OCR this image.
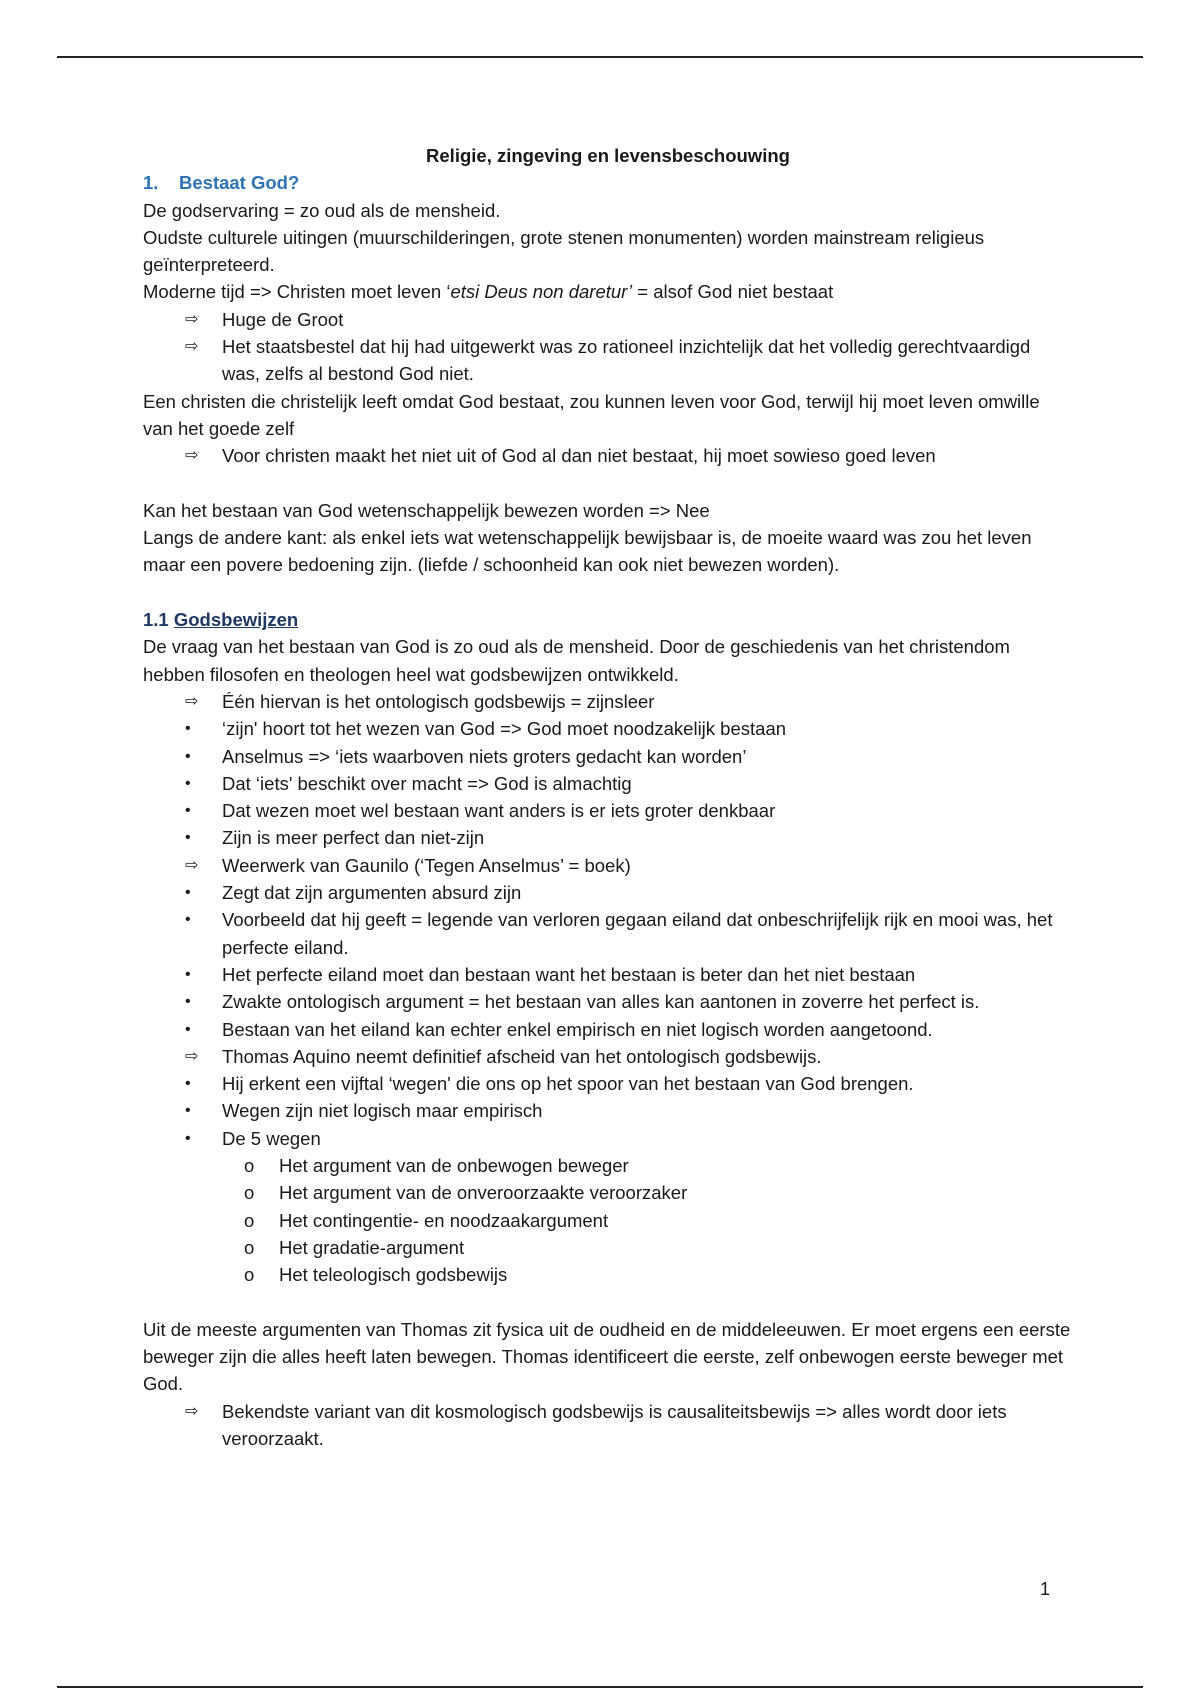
Religie, zingeving en levensbeschouwing
1. Bestaat God?
De godservaring = zo oud als de mensheid.
Oudste culturele uitingen (muurschilderingen, grote stenen monumenten) worden mainstream religieus geïnterpreteerd.
Moderne tijd => Christen moet leven ‘etsi Deus non daretur’ = alsof God niet bestaat
⇨ Huge de Groot
⇨ Het staatsbestel dat hij had uitgewerkt was zo rationeel inzichtelijk dat het volledig gerechtvaardigd was, zelfs al bestond God niet.
Een christen die christelijk leeft omdat God bestaat, zou kunnen leven voor God, terwijl hij moet leven omwille van het goede zelf
⇨ Voor christen maakt het niet uit of God al dan niet bestaat, hij moet sowieso goed leven
Kan het bestaan van God wetenschappelijk bewezen worden => Nee
Langs de andere kant: als enkel iets wat wetenschappelijk bewijsbaar is, de moeite waard was zou het leven maar een povere bedoening zijn. (liefde / schoonheid kan ook niet bewezen worden).
1.1 Godsbewijzen
De vraag van het bestaan van God is zo oud als de mensheid. Door de geschiedenis van het christendom hebben filosofen en theologen heel wat godsbewijzen ontwikkeld.
⇨ Één hiervan is het ontologisch godsbewijs = zijnsleer
• ‘zijn' hoort tot het wezen van God => God moet noodzakelijk bestaan
• Anselmus => ‘iets waarboven niets groters gedacht kan worden’
• Dat ‘iets' beschikt over macht => God is almachtig
• Dat wezen moet wel bestaan want anders is er iets groter denkbaar
• Zijn is meer perfect dan niet-zijn
⇨ Weerwerk van Gaunilo (‘Tegen Anselmus’ = boek)
• Zegt dat zijn argumenten absurd zijn
• Voorbeeld dat hij geeft = legende van verloren gegaan eiland dat onbeschrijfelijk rijk en mooi was, het perfecte eiland.
• Het perfecte eiland moet dan bestaan want het bestaan is beter dan het niet bestaan
• Zwakte ontologisch argument = het bestaan van alles kan aantonen in zoverre het perfect is.
• Bestaan van het eiland kan echter enkel empirisch en niet logisch worden aangetoond.
⇨ Thomas Aquino neemt definitief afscheid van het ontologisch godsbewijs.
• Hij erkent een vijftal ‘wegen' die ons op het spoor van het bestaan van God brengen.
• Wegen zijn niet logisch maar empirisch
• De 5 wegen
o Het argument van de onbewogen beweger
o Het argument van de onveroorzaakte veroorzaker
o Het contingentie- en noodzaakargument
o Het gradatie-argument
o Het teleologisch godsbewijs
Uit de meeste argumenten van Thomas zit fysica uit de oudheid en de middeleeuwen. Er moet ergens een eerste beweger zijn die alles heeft laten bewegen. Thomas identificeert die eerste, zelf onbewogen eerste beweger met God.
⇨ Bekendste variant van dit kosmologisch godsbewijs is causaliteitsbewijs => alles wordt door iets veroorzaakt.
1
